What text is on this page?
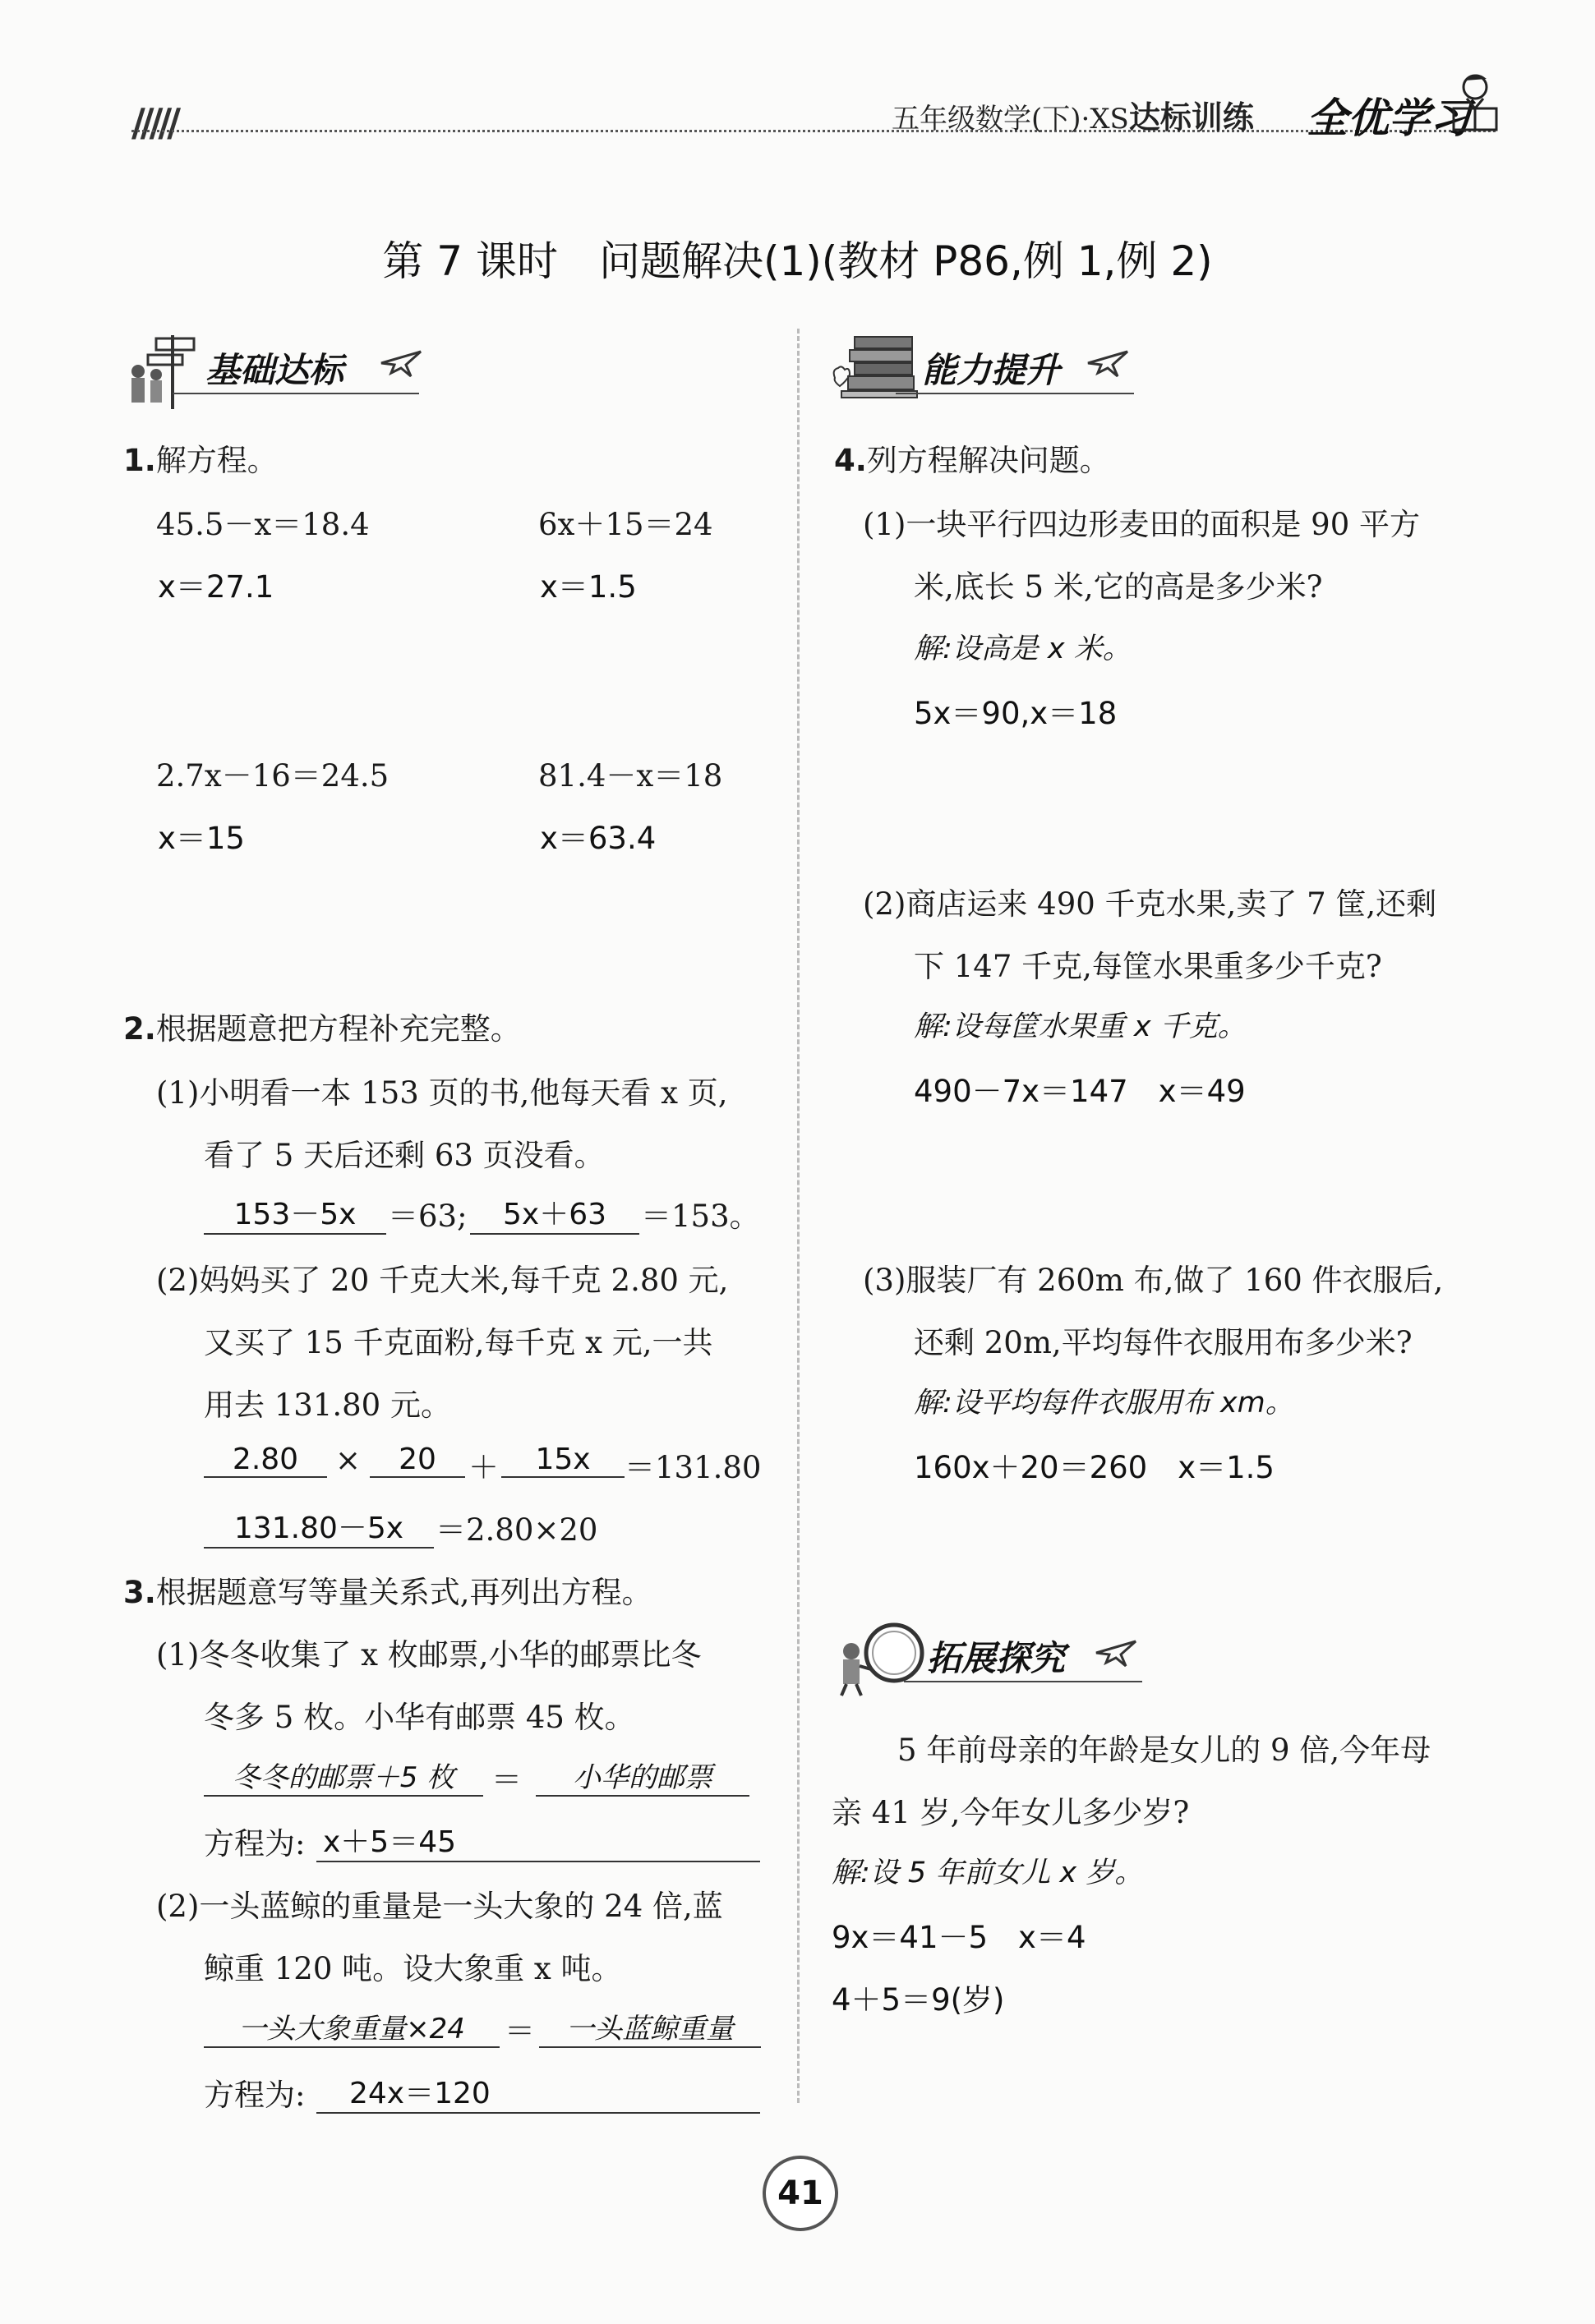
/////	五年级数学(下)·XS达标训练 全优学习
第 7 课时　问题解决(1)(教材 P86,例 1,例 2)
基础达标
1.解方程。
45.5－x＝18.4
x＝27.1
6x＋15＝24
x＝1.5
2.7x－16＝24.5
x＝15
81.4－x＝18
x＝63.4
2.根据题意把方程补充完整。
(1)小明看一本 153 页的书,他每天看 x 页,
看了 5 天后还剩 63 页没看。
153－5x	＝63;	5x＋63	＝153。
(2)妈妈买了 20 千克大米,每千克 2.80 元,
又买了 15 千克面粉,每千克 x 元,一共
用去 131.80 元。
2.80	×	20	＋	15x	＝131.80
131.80－5x	＝2.80×20
3.根据题意写等量关系式,再列出方程。
(1)冬冬收集了 x 枚邮票,小华的邮票比冬
冬多 5 枚。小华有邮票 45 枚。
冬冬的邮票＋5 枚	＝	小华的邮票
方程为: x＋5＝45
(2)一头蓝鲸的重量是一头大象的 24 倍,蓝
鲸重 120 吨。设大象重 x 吨。
一头大象重量×24	＝	一头蓝鲸重量
方程为:	24x＝120
能力提升
4.列方程解决问题。
(1)一块平行四边形麦田的面积是 90 平方
米,底长 5 米,它的高是多少米?
解:设高是 x 米。
5x＝90,x＝18
(2)商店运来 490 千克水果,卖了 7 筐,还剩
下 147 千克,每筐水果重多少千克?
解:设每筐水果重 x 千克。
490－7x＝147　x＝49
(3)服装厂有 260m 布,做了 160 件衣服后,
还剩 20m,平均每件衣服用布多少米?
解:设平均每件衣服用布 xm。
160x＋20＝260　x＝1.5
拓展探究
5 年前母亲的年龄是女儿的 9 倍,今年母
亲 41 岁,今年女儿多少岁?
解:设 5 年前女儿 x 岁。
9x＝41－5　x＝4
4＋5＝9(岁)
41
